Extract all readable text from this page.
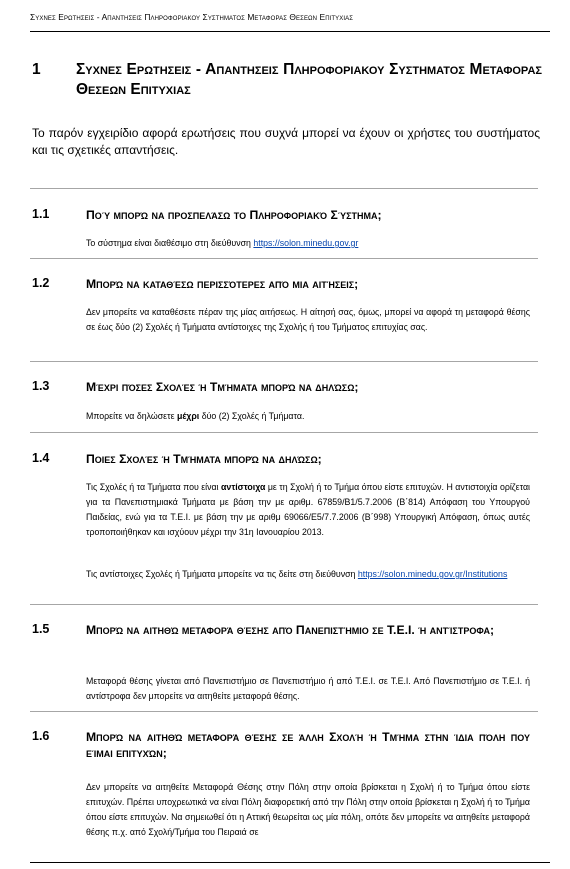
Συχνες Ερωτησεις - Απαντησεις Πληροφοριακου Συστηματος Μεταφορας Θεσεων Επιτυχιας
1 Συχνες Ερωτησεις - Απαντησεις Πληροφοριακου Συστηματος Μεταφορας Θεσεων Επιτυχιας
Το παρόν εγχειρίδιο αφορά ερωτήσεις που συχνά μπορεί να έχουν οι χρήστες του συστήματος και τις σχετικές απαντήσεις.
1.1	Πού μπορώ να προσπελάσω το Πληροφοριακό Σύστημα;
Το σύστημα είναι διαθέσιμο στη διεύθυνση https://solon.minedu.gov.gr
1.2	Μπορώ να καταθέσω περισσότερες από μια αιτήσεις;
Δεν μπορείτε να καταθέσετε πέραν της μίας αιτήσεως. Η αίτησή σας, όμως, μπορεί να αφορά τη μεταφορά θέσης σε έως δύο (2) Σχολές ή Τμήματα αντίστοιχες της Σχολής ή του Τμήματος επιτυχίας σας.
1.3	Μέχρι πόσες Σχολές ή Τμήματα μπορώ να δηλώσω;
Μπορείτε να δηλώσετε μέχρι δύο (2) Σχολές ή Τμήματα.
1.4	Ποιες Σχολές ή Τμήματα μπορώ να δηλώσω;
Τις Σχολές ή τα Τμήματα που είναι αντίστοιχα με τη Σχολή ή το Τμήμα όπου είστε επιτυχών. Η αντιστοιχία ορίζεται για τα Πανεπιστημιακά Τμήματα με βάση την με αριθμ. 67859/Β1/5.7.2006 (Β΄814) Απόφαση του Υπουργού Παιδείας, ενώ για τα Τ.Ε.Ι. με βάση την με αριθμ 69066/Ε5/7.7.2006 (Β΄998) Υπουργική Απόφαση, όπως αυτές τροποποιήθηκαν και ισχύουν μέχρι την 31η Ιανουαρίου 2013.
Τις αντίστοιχες Σχολές ή Τμήματα μπορείτε να τις δείτε στη διεύθυνση https://solon.minedu.gov.gr/Institutions
1.5	Μπορώ να αιτηθώ μεταφορά θέσης από Πανεπιστήμιο σε Τ.Ε.Ι. ή αντίστροφα;
Μεταφορά θέσης γίνεται από Πανεπιστήμιο σε Πανεπιστήμιο ή από Τ.Ε.Ι. σε Τ.Ε.Ι. Από Πανεπιστήμιο σε Τ.Ε.Ι. ή αντίστροφα δεν μπορείτε να αιτηθείτε μεταφορά θέσης.
1.6	Μπορώ να αιτηθώ μεταφορά θέσης σε άλλη Σχολή ή Τμήμα στην ίδια πόλη που είμαι επιτυχών;
Δεν μπορείτε να αιτηθείτε Μεταφορά Θέσης στην Πόλη στην οποία βρίσκεται η Σχολή ή το Τμήμα όπου είστε επιτυχών. Πρέπει υποχρεωτικά να είναι Πόλη διαφορετική από την Πόλη στην οποία βρίσκεται η Σχολή ή το Τμήμα όπου είστε επιτυχών. Να σημειωθεί ότι η Αττική θεωρείται ως μία πόλη, οπότε δεν μπορείτε να αιτηθείτε μεταφορά θέσης π.χ. από Σχολή/Τμήμα του Πειραιά σε
